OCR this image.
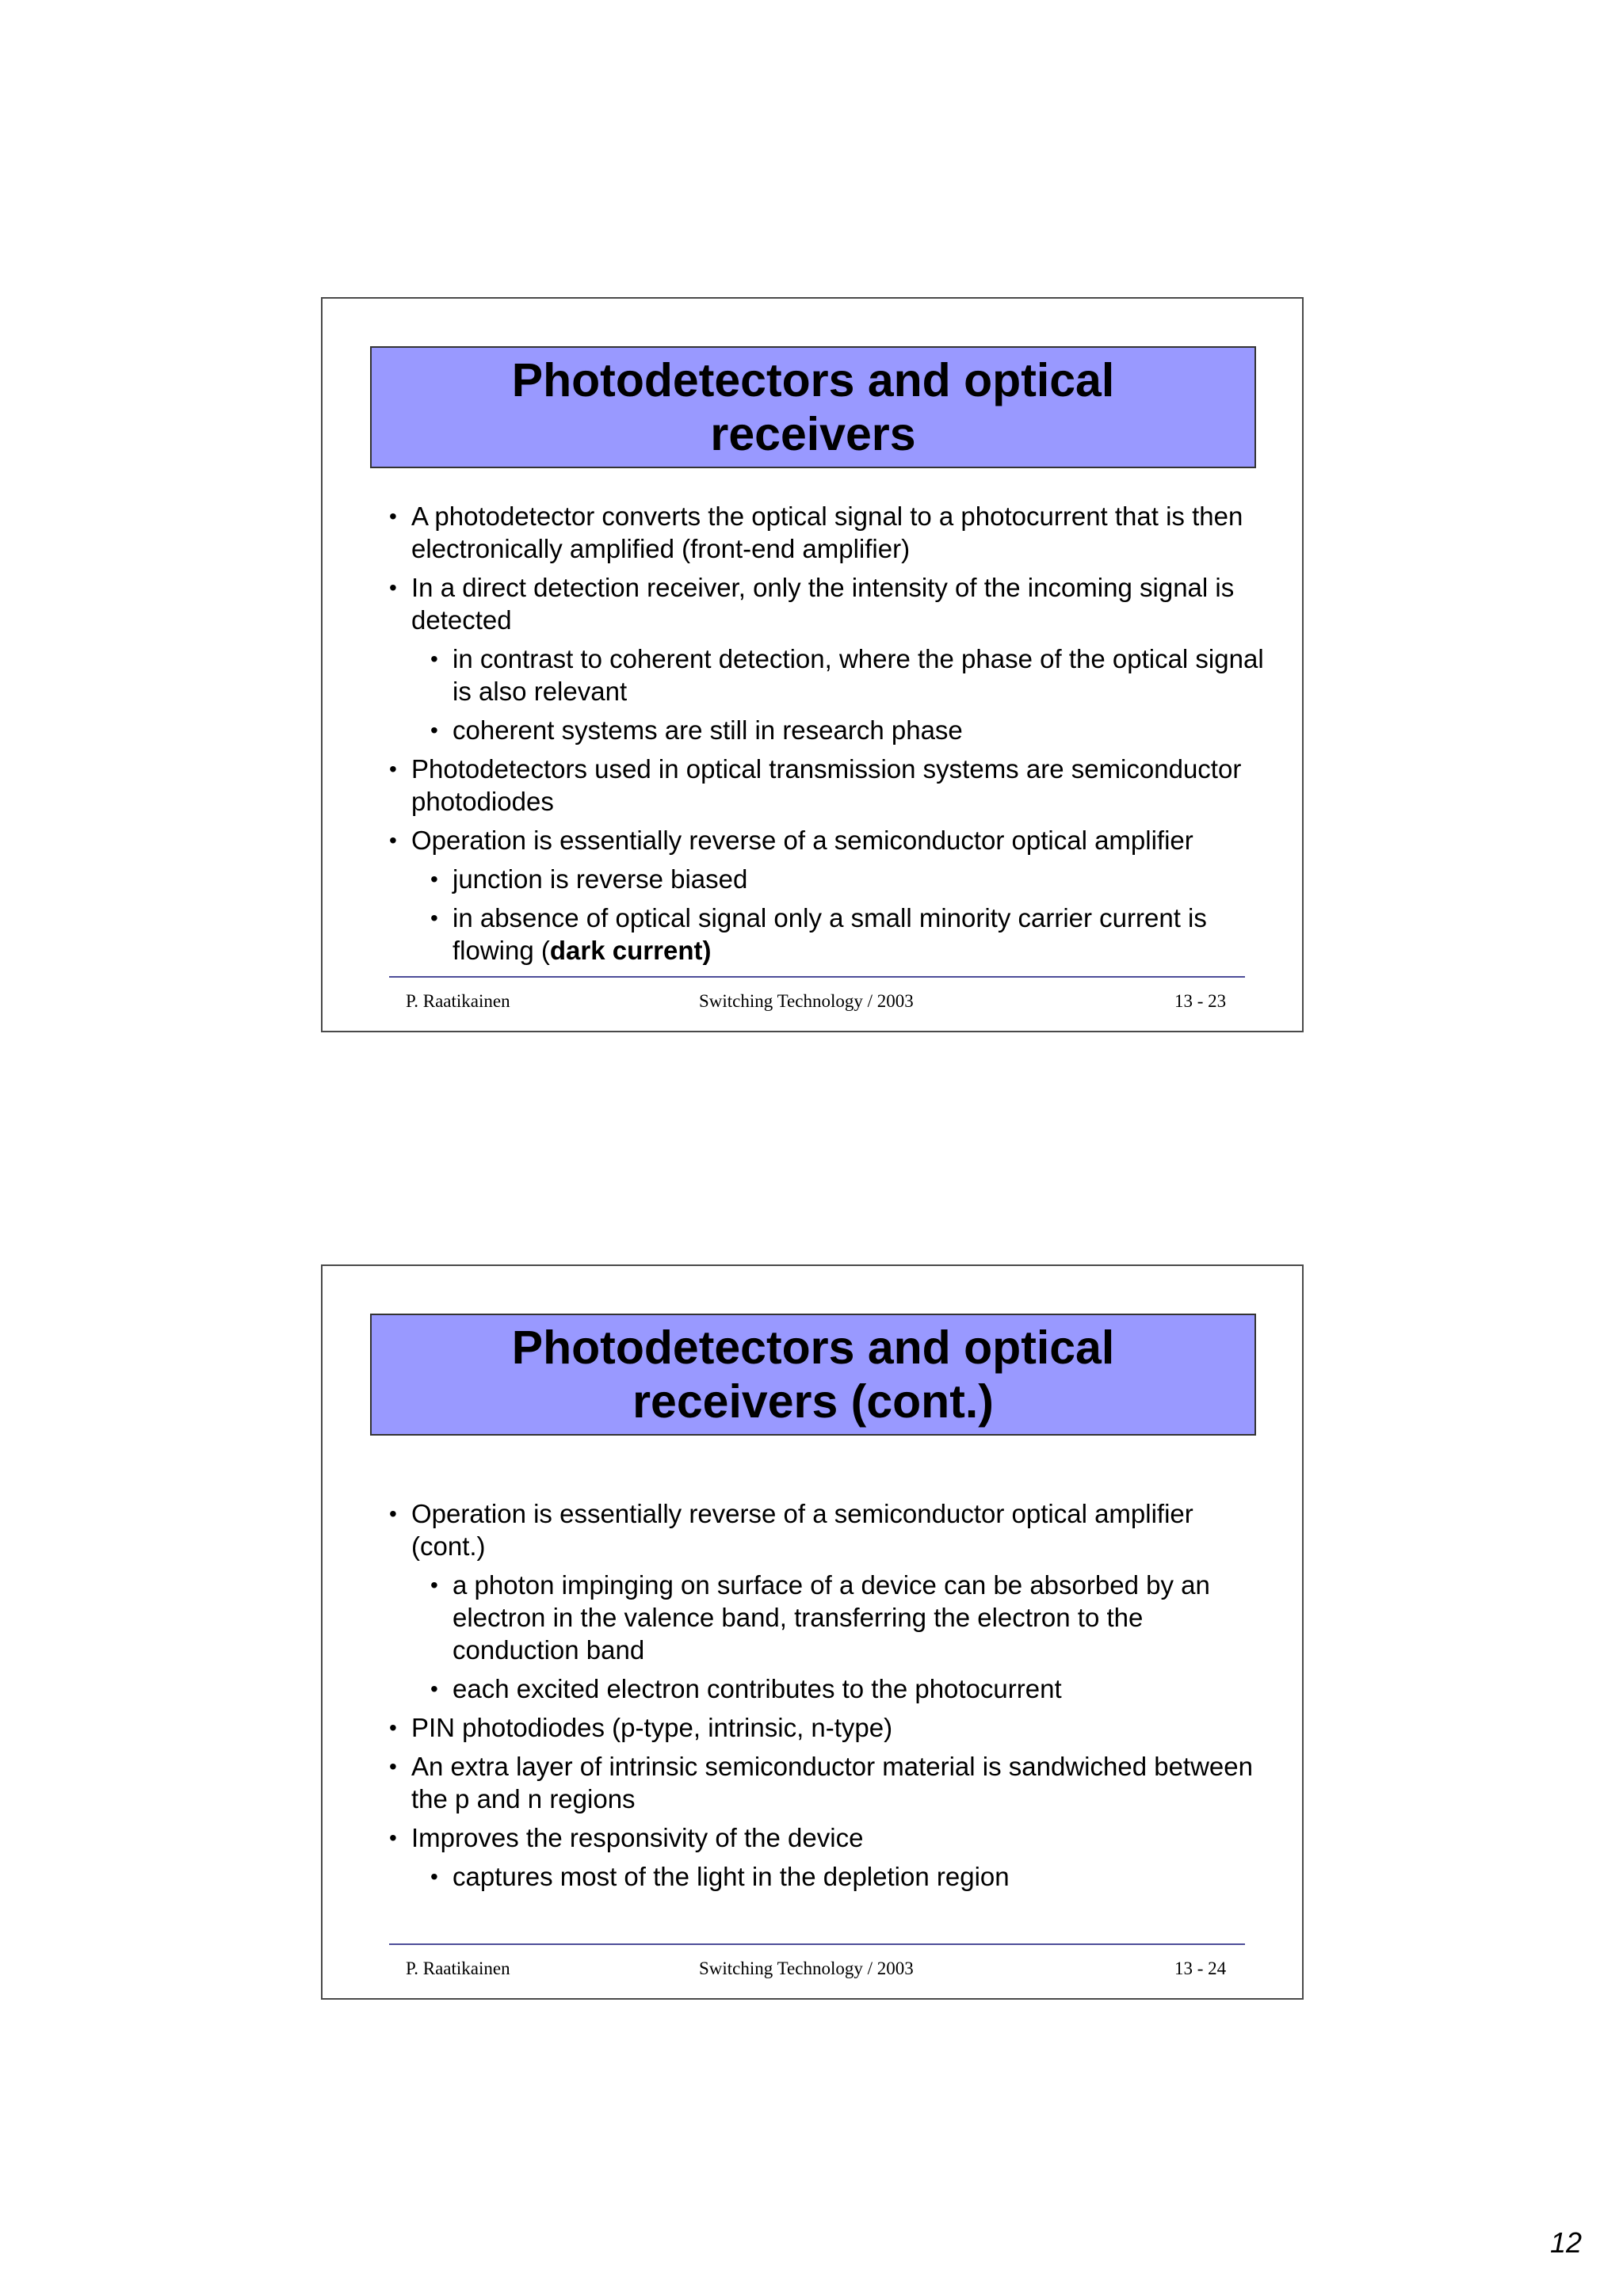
Photodetectors and optical
receivers
• A photodetector converts the optical signal to a photocurrent that is then electronically amplified (front-end amplifier)
• In a direct detection receiver, only the intensity of the incoming signal is detected
• in contrast to coherent detection, where the phase of the optical signal is also relevant
• coherent systems are still in research phase
• Photodetectors used in optical transmission systems are semiconductor photodiodes
• Operation is essentially reverse of a semiconductor optical amplifier
• junction is reverse biased
• in absence of optical signal only a small minority carrier current is flowing (dark current)
P. Raatikainen	Switching Technology / 2003	13 - 23
Photodetectors and optical
receivers (cont.)
• Operation is essentially reverse of a semiconductor optical amplifier (cont.)
• a photon impinging on surface of a device can be absorbed by an electron in the valence band, transferring the electron to the conduction band
• each excited electron contributes to the photocurrent
• PIN photodiodes (p-type, intrinsic, n-type)
• An extra layer of intrinsic semiconductor material is sandwiched between the p and n regions
• Improves the responsivity of the device
• captures most of the light in the depletion region
P. Raatikainen	Switching Technology / 2003	13 - 24
12
